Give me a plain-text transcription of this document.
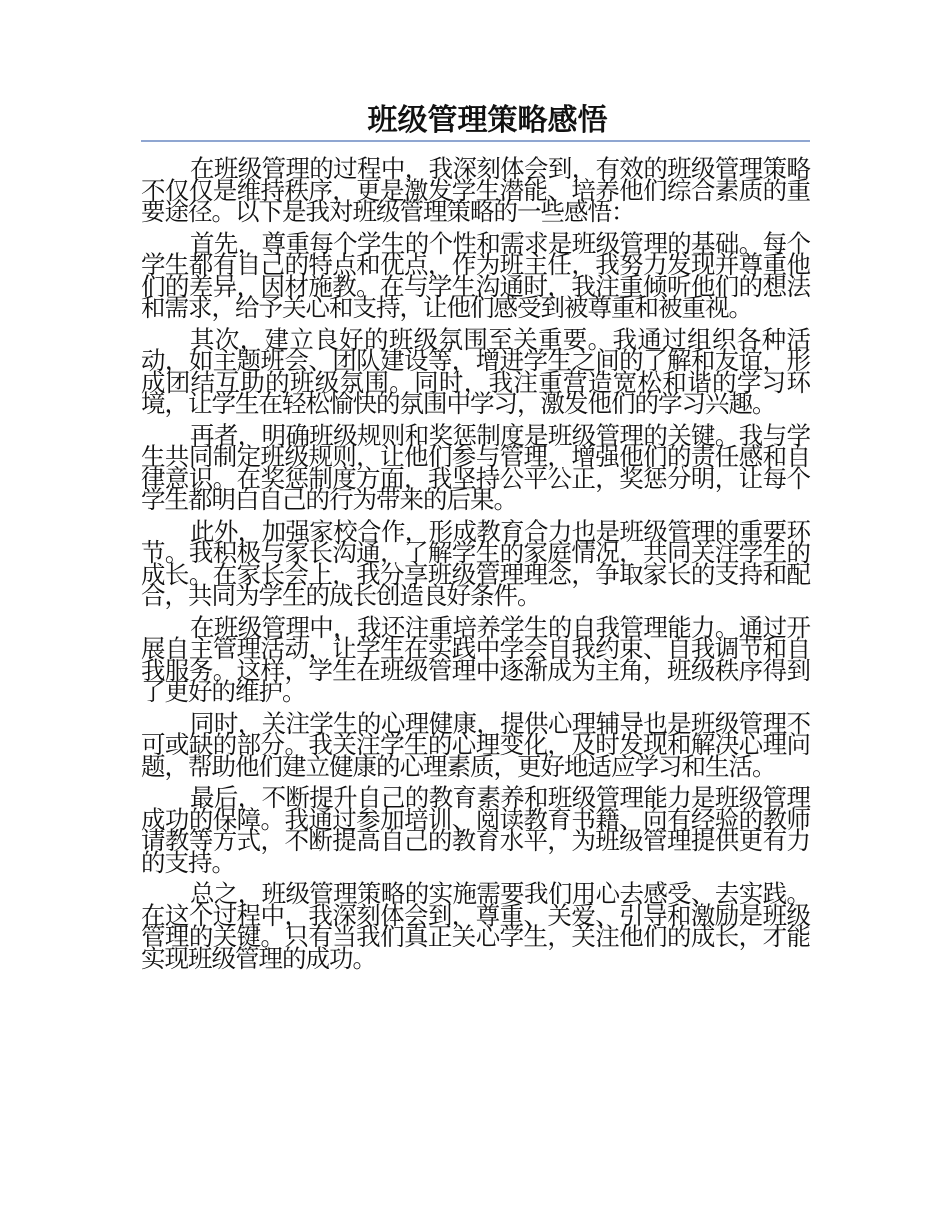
班级管理策略感悟

在班级管理的过程中，我深刻体会到，有效的班级管理策略不仅仅是维持秩序，更是激发学生潜能、培养他们综合素质的重要途径。以下是我对班级管理策略的一些感悟：

首先，尊重每个学生的个性和需求是班级管理的基础。每个学生都有自己的特点和优点，作为班主任，我努力发现并尊重他们的差异，因材施教。在与学生沟通时，我注重倾听他们的想法和需求，给予关心和支持，让他们感受到被尊重和被重视。

其次，建立良好的班级氛围至关重要。我通过组织各种活动，如主题班会、团队建设等，增进学生之间的了解和友谊，形成团结互助的班级氛围。同时，我注重营造宽松和谐的学习环境，让学生在轻松愉快的氛围中学习，激发他们的学习兴趣。

再者，明确班级规则和奖惩制度是班级管理的关键。我与学生共同制定班级规则，让他们参与管理，增强他们的责任感和自律意识。在奖惩制度方面，我坚持公平公正，奖惩分明，让每个学生都明白自己的行为带来的后果。

此外，加强家校合作，形成教育合力也是班级管理的重要环节。我积极与家长沟通，了解学生的家庭情况，共同关注学生的成长。在家长会上，我分享班级管理理念，争取家长的支持和配合，共同为学生的成长创造良好条件。

在班级管理中，我还注重培养学生的自我管理能力。通过开展自主管理活动，让学生在实践中学会自我约束、自我调节和自我服务。这样，学生在班级管理中逐渐成为主角，班级秩序得到了更好的维护。

同时，关注学生的心理健康，提供心理辅导也是班级管理不可或缺的部分。我关注学生的心理变化，及时发现和解决心理问题，帮助他们建立健康的心理素质，更好地适应学习和生活。

最后，不断提升自己的教育素养和班级管理能力是班级管理成功的保障。我通过参加培训、阅读教育书籍、向有经验的教师请教等方式，不断提高自己的教育水平，为班级管理提供更有力的支持。

总之，班级管理策略的实施需要我们用心去感受、去实践。在这个过程中，我深刻体会到，尊重、关爱、引导和激励是班级管理的关键。只有当我们真正关心学生，关注他们的成长，才能实现班级管理的成功。
